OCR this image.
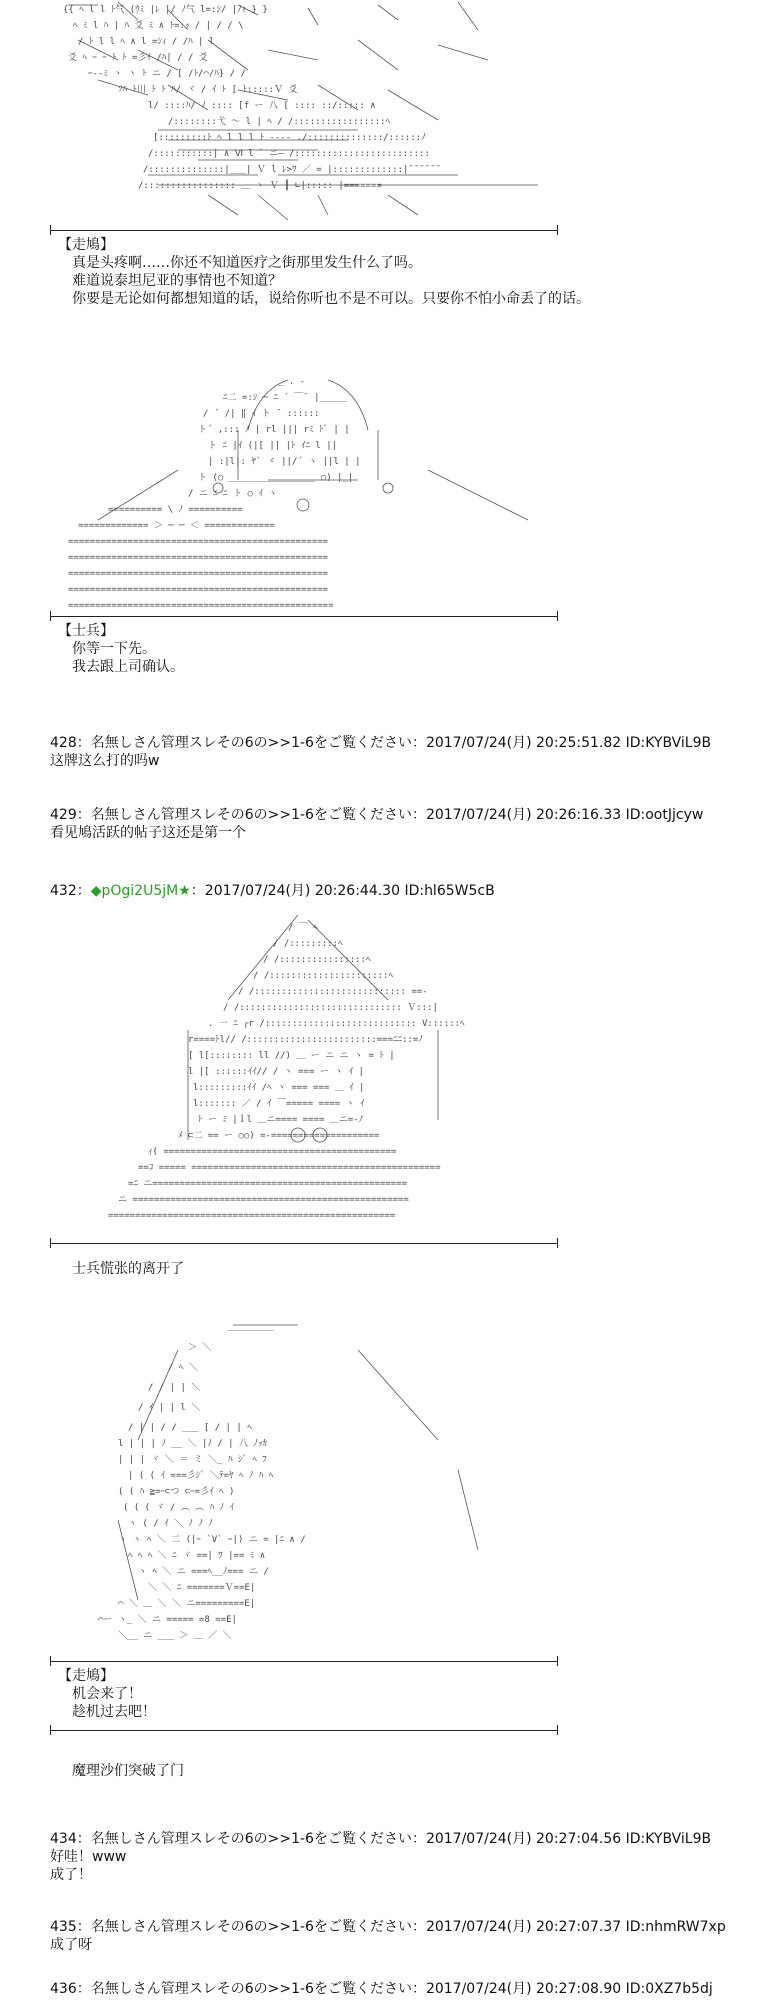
{{ ﾍ l l ﾄ气 (ｳﾐ |ﾚ |/ ﾉ气 l=:ｼ/ |ﾉｨ } }
ﾍ ﾐ l ﾊ | ﾊ 爻 ﾐ ∧ ﾄ=:ｯ / | / / \
/ ﾄ l l ﾍ ∧ l =ｼｨ / /ﾊ | l
爻 ﾍ ｰ ｰ ﾄ ﾄ =彡ｲ /ﾊ| / / 爻
ｰ--ﾐ ヽ ヽ ﾄ ニ / [ /ﾄ/⌒/ﾊ} / /
ｿﾊ ﾄ川 ﾄ ﾄ ﾊ/ ヾ / ｲ ﾄ [ ﾄ:::::Ｖ 爻
l/ ::::ﾊ/ ﾉ :::: [f ー 八 [ :::: ::/::::: ∧
/::::::::弋 ～ l | ﾍ / /:::::::::::::::::ﾍ
[:::::::::ﾄ ﾍ l l l ﾄ ---- ./::::::::::::::/::::::ﾉ
/:::::::::::| ∧ Ⅵ l ﾞ ニ― /:::::::::::::::::::::::::
/::::::::::::::|___| Ｖ l ﾚ>ﾜ ／ = |:::::::::::::|¯¯¯¯¯¯
/::::::::::::::::: ＿ ヽ Ｖ ┃ ∟|::::: |=======
【走鳩】
真是头疼啊……你还不知道医疗之街那里发生什么了吗。
难道说泰坦尼亚的事情也不知道？
你要是无论如何都想知道的话，说给你听也不是不可以。只要你不怕小命丢了的话。
_ . -
ﾆ二 =:ｼ ─ ﾆ ´ ￣¯ |_____
/ ´ /| ‖ ｲ ト ¨ ::::::
ト´ ,::: ﾉ | rl ||| rﾐ ﾄﾞ | |
ト ﾆ |ｲ (|[ || |ﾄ ｲﾆ l ||
| :|l|: ﾔ` ヾ ||/´ ヽ ||l | |
ト (○ ________________ ○) |_|
/ ニ ﾆ ﾆ ト ○ ｲ ヽ
========== \ ﾉ ==========
============= ＞ ─ ─ ＜ =============
================================================
================================================
================================================
================================================
=================================================
【士兵】
你等一下先。
我去跟上司确认。
428：名無しさん管理スレその6の>>1-6をご覧ください：2017/07/24(月) 20:25:51.82 ID:KYBViL9B
这牌这么打的吗w
429：名無しさん管理スレその6の>>1-6をご覧ください：2017/07/24(月) 20:26:16.33 ID:ootJjcyw
看见鳩活跃的帖子这还是第一个
432：◆pOgi2U5jM★：2017/07/24(月) 20:26:44.30 ID:hl65W5cB
/ ￣ ﾍ
/ /:::::::::ﾍ
/ /::::::::::::::::ﾍ
/ /::::::::::::::::::::::ﾍ
/ /:::::::::::::::::::::::::::: ==-
/ /:::::::::::::::::::::::::::::: Ｖ:::|
. 一 ﾆ ┌r /:::::::::::::::::::::::::::: V::::::ﾍ
r====ﾄl// /::::::::::::::::::::::::===ﾆﾆ::=ﾉ
[ l[:::::::: ll //) ＿ ー ニ ニ ヽ = ﾄ |
l |[ ::::::ｲｲ// / ヽ === ー ヽ ｲ |
l:::::::::ｲｲ /ﾍ ヽ === === ＿ ｲ |
l::::::: ／ / ｲ ￣===== ==== ヽ ｲ
ﾄ ー ﾐ |ｌl ＿ニ==== ==== ＿ニ=-ﾉ
ﾒ ⊂二 == ー ○○) =-====================
ｨ( ===========================================
==ｺ ===== ==============================================
=ﾆ ニ===============================================
ニ ===================================================
=====================================================
士兵慌张的离开了
＿＿＿＿＿
＞ ＼
/ ﾍ ＼
/ / | | ＼
/ ｲ | | l ＼
/ | | / / ___ [ / | | ﾍ
l | | | ﾉ __ ＼ |ﾉ / | 八 ﾉｯｶ
| | | ヾ ＼ ＝ ミ ＼_ ﾊ ｼﾞ ﾍ ﾌ
| ( ( ｲ ===彡ｼﾞ ＼ﾃ=ﾔ ﾍ ﾉ ﾊ ﾍ
( ( ﾊ ≧=ｰ⊂つ ⊂ｰ=彡ｲ ﾍ )
( ( ( ヾ / ︵ ︵ ﾊ ﾉ ｲ
ヽ ( / ｲ ＼ ﾉ ﾉ ﾉ
ヽ ヽ ﾍ ＼ 二 (|ｰ `V` ｰ|) ニ = |ﾆ ∧ /
ﾍ ﾍ ﾍ ＼ ﾆ ヾ ==| ﾜ |== ﾐ ∧
ヽ ﾍ ＼ ニ ===ﾍ__ﾉ=== ニ /
＼ ＼ ﾆ =======Ｖ==E|
⌒ ＼ ＿ ＼ ＼ ニ=========E|
⌒ー ヽ_ ＼ ニ ===== =8 ==E|
＼__ ニ ___ ＞ ＿ ／ ＼
【走鳩】
机会来了！
趁机过去吧！
魔理沙们突破了门
434：名無しさん管理スレその6の>>1-6をご覧ください：2017/07/24(月) 20:27:04.56 ID:KYBViL9B
好哇！www
成了！
435：名無しさん管理スレその6の>>1-6をご覧ください：2017/07/24(月) 20:27:07.37 ID:nhmRW7xp
成了呀
436：名無しさん管理スレその6の>>1-6をご覧ください：2017/07/24(月) 20:27:08.90 ID:0XZ7b5dj
